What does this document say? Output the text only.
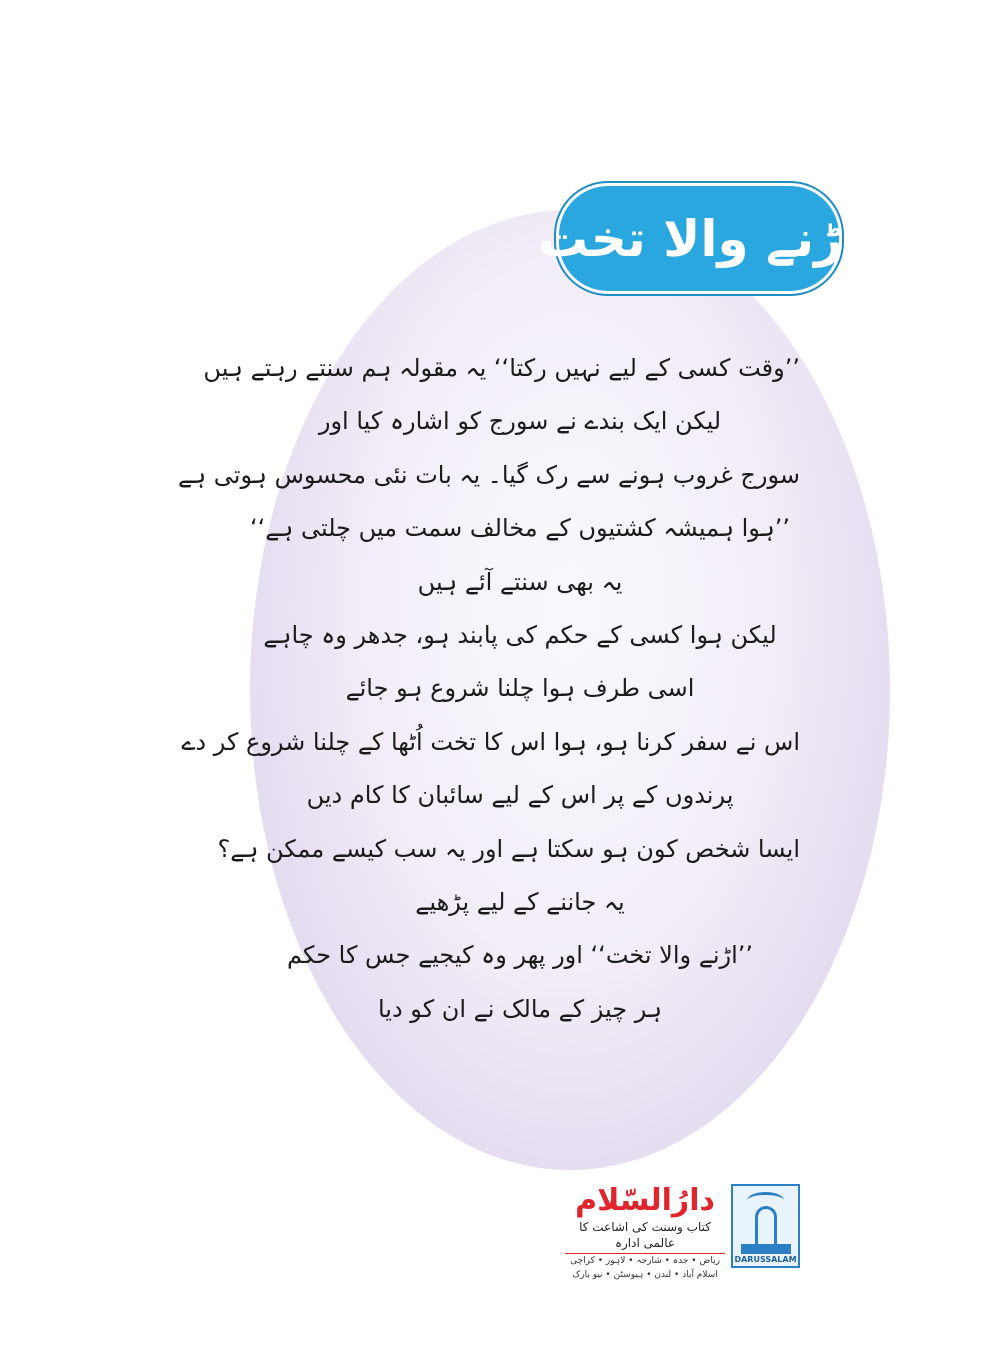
اُڑنے والا تخت
’’وقت کسی کے لیے نہیں رکتا‘‘ یہ مقولہ ہم سنتے رہتے ہیں
لیکن ایک بندے نے سورج کو اشارہ کیا اور
سورج غروب ہونے سے رک گیا۔ یہ بات نئی محسوس ہوتی ہے
’’ہوا ہمیشہ کشتیوں کے مخالف سمت میں چلتی ہے‘‘
یہ بھی سنتے آئے ہیں
لیکن ہوا کسی کے حکم کی پابند ہو، جدھر وہ چاہے
اسی طرف ہوا چلنا شروع ہو جائے
اس نے سفر کرنا ہو، ہوا اس کا تخت اُٹھا کے چلنا شروع کر دے
پرندوں کے پر اس کے لیے سائبان کا کام دیں
ایسا شخص کون ہو سکتا ہے اور یہ سب کیسے ممکن ہے؟
یہ جاننے کے لیے پڑھیے
’’اڑنے والا تخت‘‘ اور پھر وہ کیجیے جس کا حکم
ہر چیز کے مالک نے ان کو دیا
دارُالسّلام
کتاب وسنت کی اشاعت کا عالمی ادارہ
ریاض • جدہ • شارجہ • لاہور • کراچی
اسلام آباد • لندن • ہیوسٹن • نیو یارک
DARUSSALAM
